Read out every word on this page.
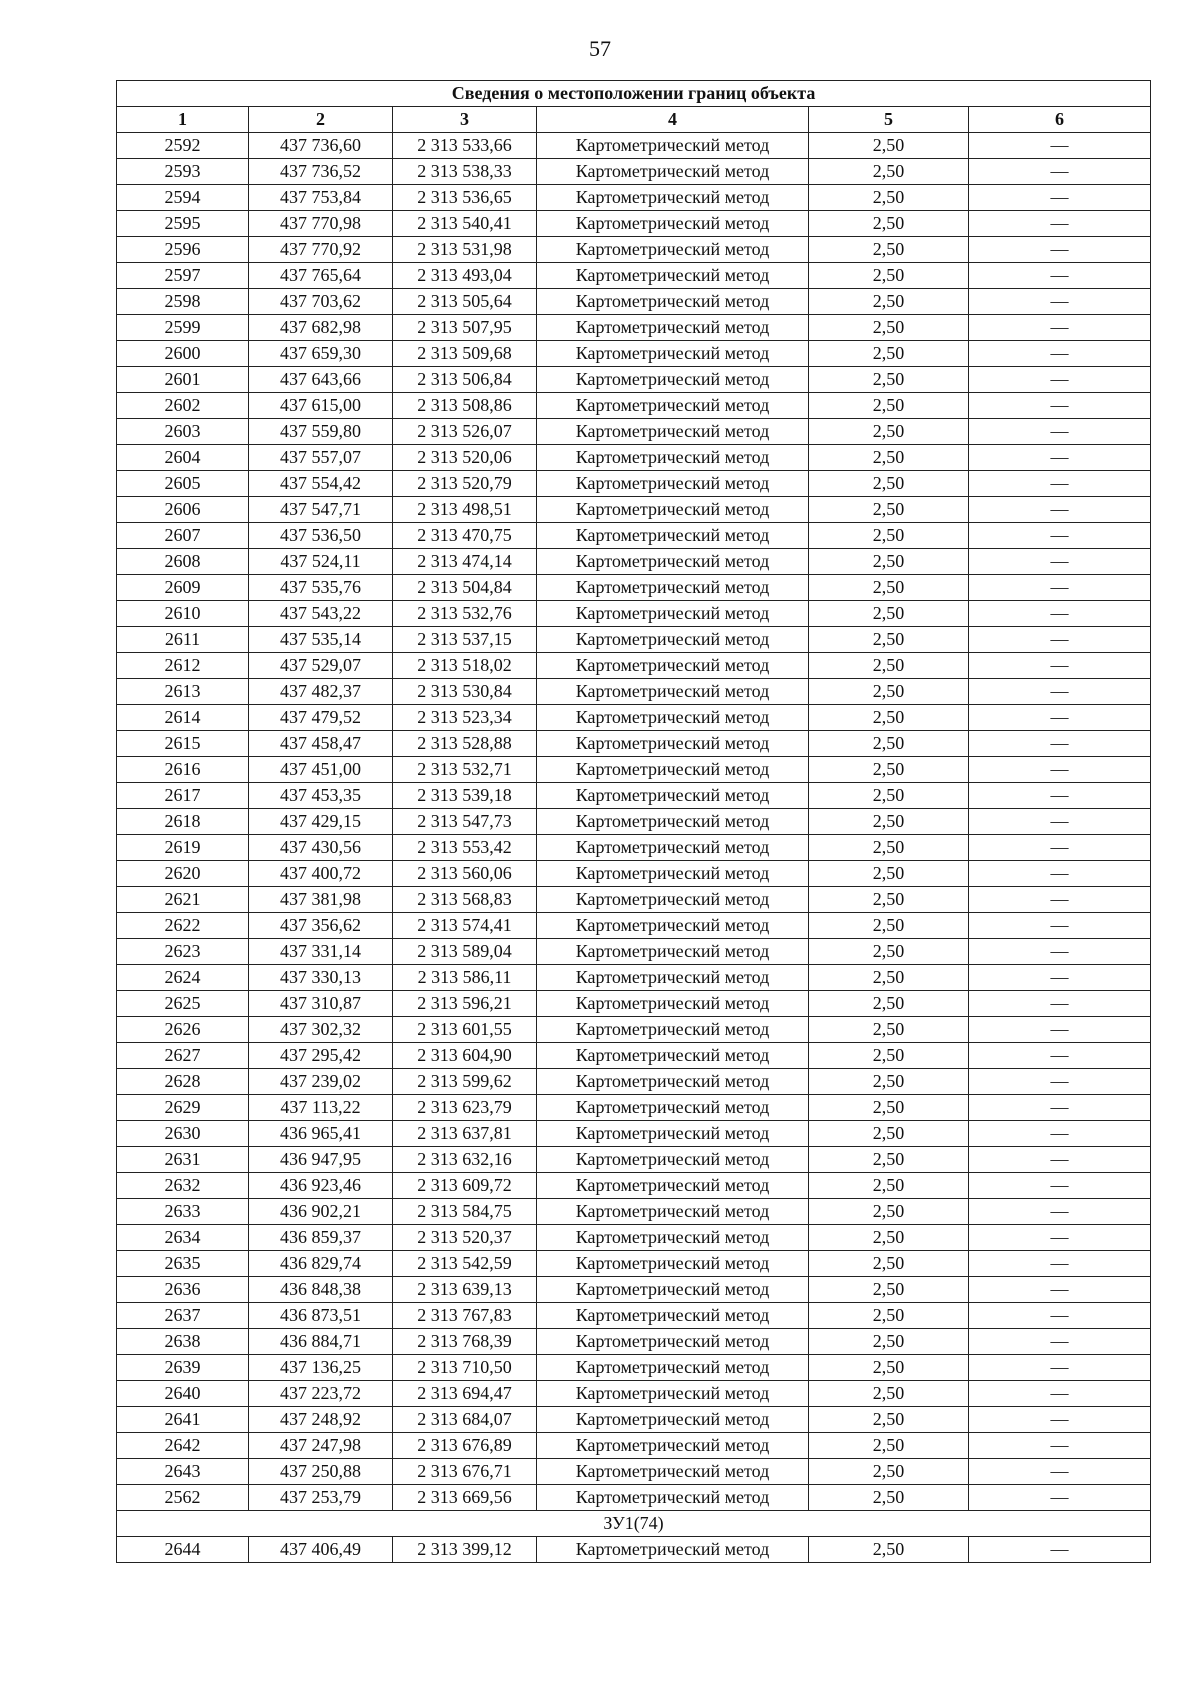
57
Сведения о местоположении границ объекта					
1	2	3	4	5	6
2592	437 736,60	2 313 533,66	Картометрический метод	2,50	—
2593	437 736,52	2 313 538,33	Картометрический метод	2,50	—
2594	437 753,84	2 313 536,65	Картометрический метод	2,50	—
2595	437 770,98	2 313 540,41	Картометрический метод	2,50	—
2596	437 770,92	2 313 531,98	Картометрический метод	2,50	—
2597	437 765,64	2 313 493,04	Картометрический метод	2,50	—
2598	437 703,62	2 313 505,64	Картометрический метод	2,50	—
2599	437 682,98	2 313 507,95	Картометрический метод	2,50	—
2600	437 659,30	2 313 509,68	Картометрический метод	2,50	—
2601	437 643,66	2 313 506,84	Картометрический метод	2,50	—
2602	437 615,00	2 313 508,86	Картометрический метод	2,50	—
2603	437 559,80	2 313 526,07	Картометрический метод	2,50	—
2604	437 557,07	2 313 520,06	Картометрический метод	2,50	—
2605	437 554,42	2 313 520,79	Картометрический метод	2,50	—
2606	437 547,71	2 313 498,51	Картометрический метод	2,50	—
2607	437 536,50	2 313 470,75	Картометрический метод	2,50	—
2608	437 524,11	2 313 474,14	Картометрический метод	2,50	—
2609	437 535,76	2 313 504,84	Картометрический метод	2,50	—
2610	437 543,22	2 313 532,76	Картометрический метод	2,50	—
2611	437 535,14	2 313 537,15	Картометрический метод	2,50	—
2612	437 529,07	2 313 518,02	Картометрический метод	2,50	—
2613	437 482,37	2 313 530,84	Картометрический метод	2,50	—
2614	437 479,52	2 313 523,34	Картометрический метод	2,50	—
2615	437 458,47	2 313 528,88	Картометрический метод	2,50	—
2616	437 451,00	2 313 532,71	Картометрический метод	2,50	—
2617	437 453,35	2 313 539,18	Картометрический метод	2,50	—
2618	437 429,15	2 313 547,73	Картометрический метод	2,50	—
2619	437 430,56	2 313 553,42	Картометрический метод	2,50	—
2620	437 400,72	2 313 560,06	Картометрический метод	2,50	—
2621	437 381,98	2 313 568,83	Картометрический метод	2,50	—
2622	437 356,62	2 313 574,41	Картометрический метод	2,50	—
2623	437 331,14	2 313 589,04	Картометрический метод	2,50	—
2624	437 330,13	2 313 586,11	Картометрический метод	2,50	—
2625	437 310,87	2 313 596,21	Картометрический метод	2,50	—
2626	437 302,32	2 313 601,55	Картометрический метод	2,50	—
2627	437 295,42	2 313 604,90	Картометрический метод	2,50	—
2628	437 239,02	2 313 599,62	Картометрический метод	2,50	—
2629	437 113,22	2 313 623,79	Картометрический метод	2,50	—
2630	436 965,41	2 313 637,81	Картометрический метод	2,50	—
2631	436 947,95	2 313 632,16	Картометрический метод	2,50	—
2632	436 923,46	2 313 609,72	Картометрический метод	2,50	—
2633	436 902,21	2 313 584,75	Картометрический метод	2,50	—
2634	436 859,37	2 313 520,37	Картометрический метод	2,50	—
2635	436 829,74	2 313 542,59	Картометрический метод	2,50	—
2636	436 848,38	2 313 639,13	Картометрический метод	2,50	—
2637	436 873,51	2 313 767,83	Картометрический метод	2,50	—
2638	436 884,71	2 313 768,39	Картометрический метод	2,50	—
2639	437 136,25	2 313 710,50	Картометрический метод	2,50	—
2640	437 223,72	2 313 694,47	Картометрический метод	2,50	—
2641	437 248,92	2 313 684,07	Картометрический метод	2,50	—
2642	437 247,98	2 313 676,89	Картометрический метод	2,50	—
2643	437 250,88	2 313 676,71	Картометрический метод	2,50	—
2562	437 253,79	2 313 669,56	Картометрический метод	2,50	—
ЗУ1(74)					
2644	437 406,49	2 313 399,12	Картометрический метод	2,50	—
